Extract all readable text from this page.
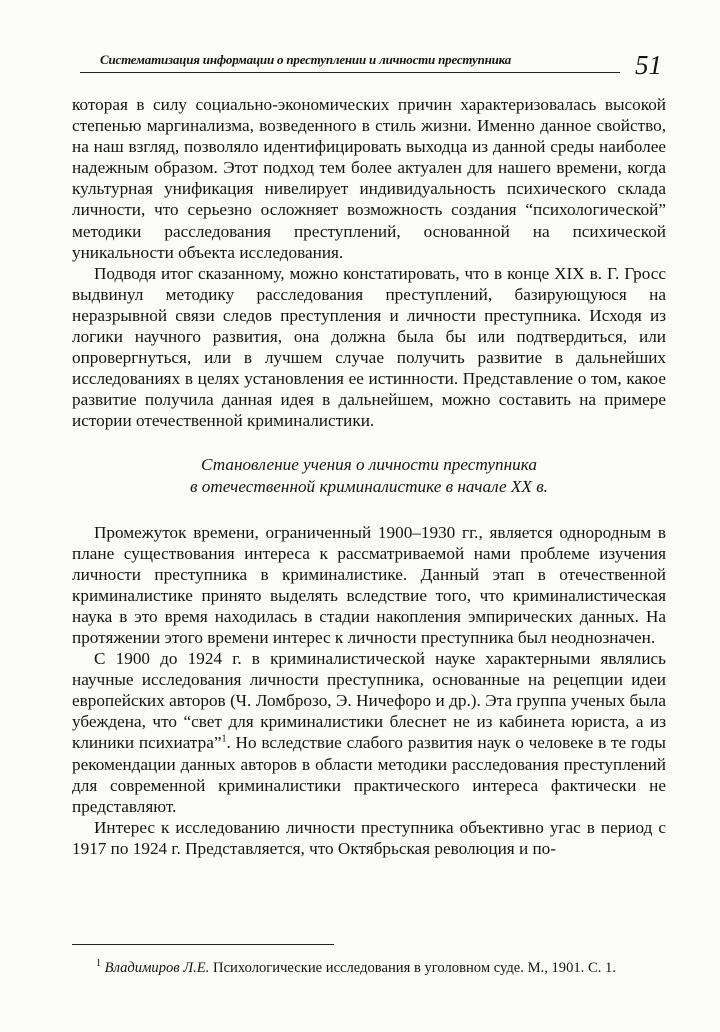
Систематизация информации о преступлении и личности преступника	51

которая в силу социально-экономических причин характеризовалась высокой степенью маргинализма, возведенного в стиль жизни. Именно данное свойство, на наш взгляд, позволяло идентифицировать выходца из данной среды наиболее надежным образом. Этот подход тем более актуален для нашего времени, когда культурная унификация нивелирует индивидуальность психического склада личности, что серьезно осложняет возможность создания “психологической” методики расследования преступлений, основанной на психической уникальности объекта исследования.

Подводя итог сказанному, можно констатировать, что в конце XIX в. Г. Гросс выдвинул методику расследования преступлений, базирующуюся на неразрывной связи следов преступления и личности преступника. Исходя из логики научного развития, она должна была бы или подтвердиться, или опровергнуться, или в лучшем случае получить развитие в дальнейших исследованиях в целях установления ее истинности. Представление о том, какое развитие получила данная идея в дальнейшем, можно составить на примере истории отечественной криминалистики.

Становление учения о личности преступника
в отечественной криминалистике в начале XX в.

Промежуток времени, ограниченный 1900–1930 гг., является однородным в плане существования интереса к рассматриваемой нами проблеме изучения личности преступника в криминалистике. Данный этап в отечественной криминалистике принято выделять вследствие того, что криминалистическая наука в это время находилась в стадии накопления эмпирических данных. На протяжении этого времени интерес к личности преступника был неоднозначен.

С 1900 до 1924 г. в криминалистической науке характерными являлись научные исследования личности преступника, основанные на рецепции идеи европейских авторов (Ч. Ломброзо, Э. Ничефоро и др.). Эта группа ученых была убеждена, что “свет для криминалистики блеснет не из кабинета юриста, а из клиники психиатра”$^1$. Но вследствие слабого развития наук о человеке в те годы рекомендации данных авторов в области методики расследования преступлений для современной криминалистики практического интереса фактически не представляют.

Интерес к исследованию личности преступника объективно угас в период с 1917 по 1924 г. Представляется, что Октябрьская революция и по-

$^1$ Владимиров Л.Е. Психологические исследования в уголовном суде. М., 1901. С. 1.
